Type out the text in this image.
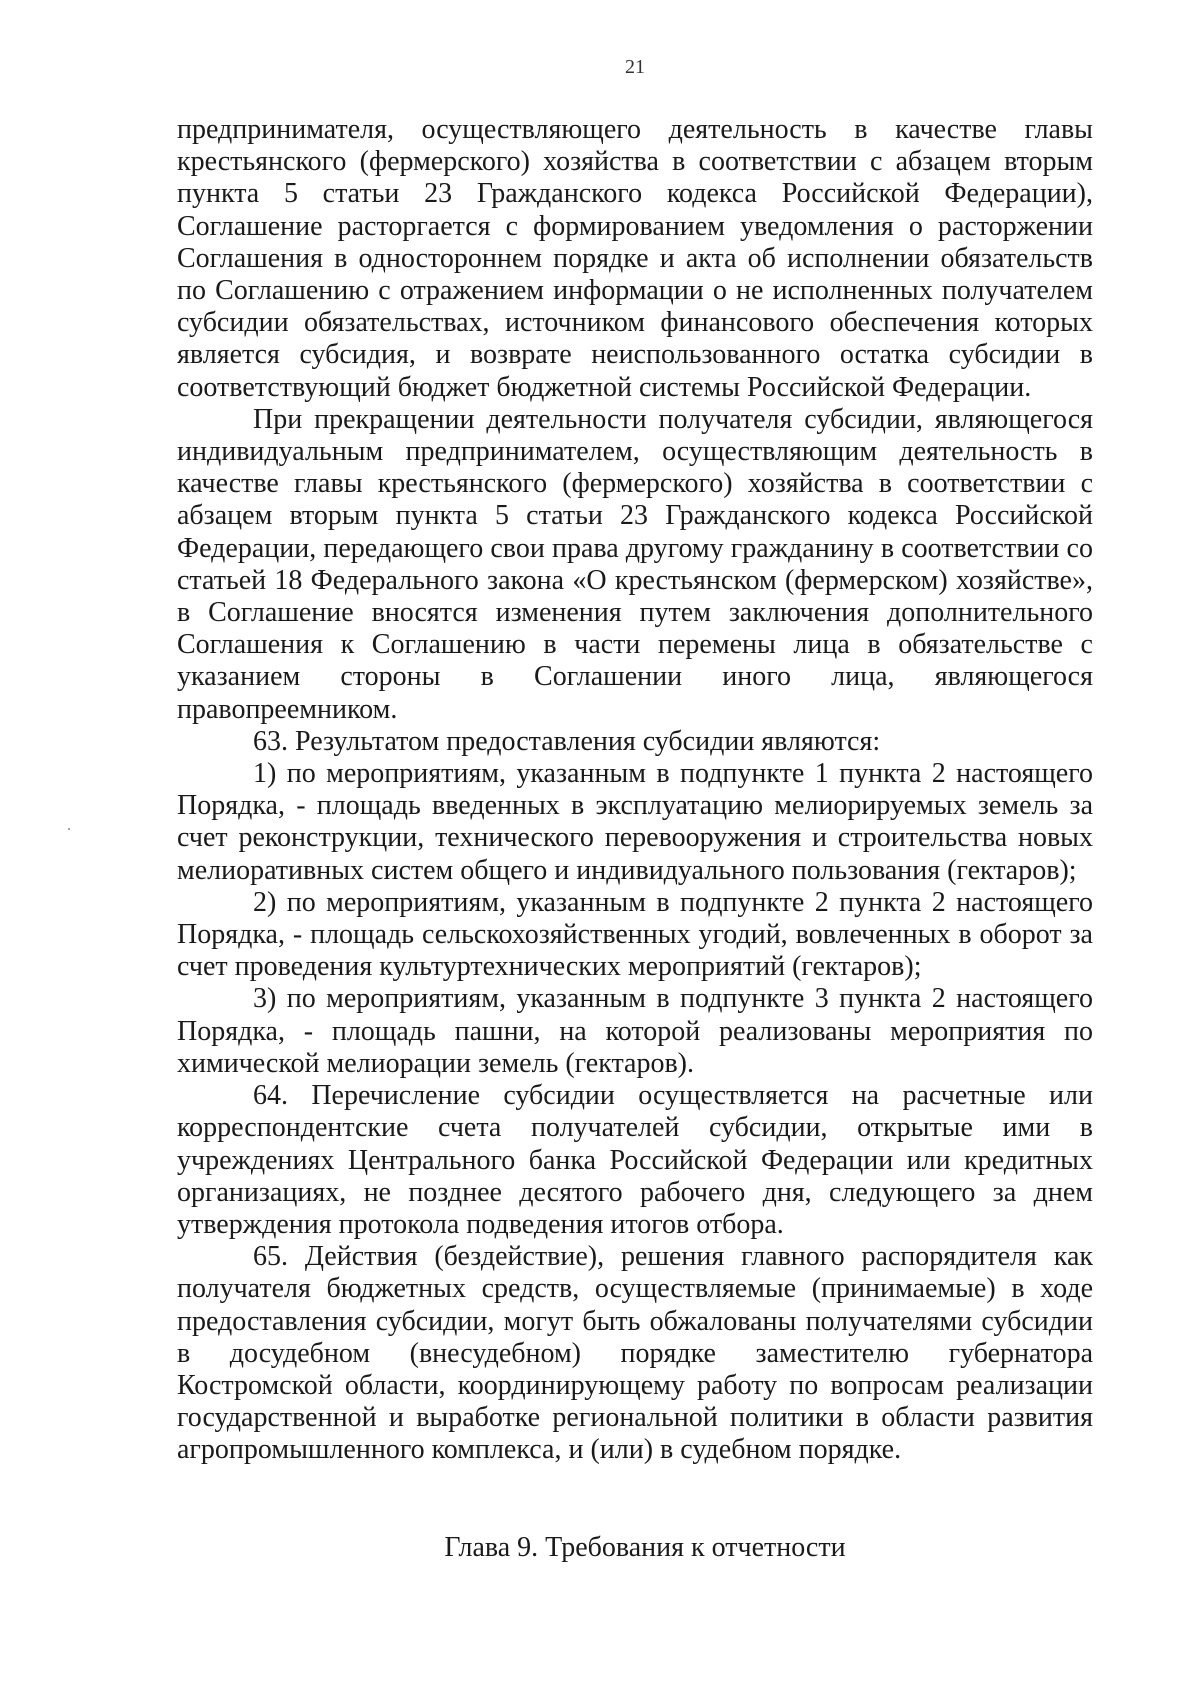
21

предпринимателя, осуществляющего деятельность в качестве главы крестьянского (фермерского) хозяйства в соответствии с абзацем вторым пункта 5 статьи 23 Гражданского кодекса Российской Федерации), Соглашение расторгается с формированием уведомления о расторжении Соглашения в одностороннем порядке и акта об исполнении обязательств по Соглашению с отражением информации о не исполненных получателем субсидии обязательствах, источником финансового обеспечения которых является субсидия, и возврате неиспользованного остатка субсидии в соответствующий бюджет бюджетной системы Российской Федерации.

При прекращении деятельности получателя субсидии, являющегося индивидуальным предпринимателем, осуществляющим деятельность в качестве главы крестьянского (фермерского) хозяйства в соответствии с абзацем вторым пункта 5 статьи 23 Гражданского кодекса Российской Федерации, передающего свои права другому гражданину в соответствии со статьей 18 Федерального закона «О крестьянском (фермерском) хозяйстве», в Соглашение вносятся изменения путем заключения дополнительного Соглашения к Соглашению в части перемены лица в обязательстве с указанием стороны в Соглашении иного лица, являющегося правопреемником.

63. Результатом предоставления субсидии являются:

1) по мероприятиям, указанным в подпункте 1 пункта 2 настоящего Порядка, - площадь введенных в эксплуатацию мелиорируемых земель за счет реконструкции, технического перевооружения и строительства новых мелиоративных систем общего и индивидуального пользования (гектаров);

2) по мероприятиям, указанным в подпункте 2 пункта 2 настоящего Порядка, - площадь сельскохозяйственных угодий, вовлеченных в оборот за счет проведения культуртехнических мероприятий (гектаров);

3) по мероприятиям, указанным в подпункте 3 пункта 2 настоящего Порядка, - площадь пашни, на которой реализованы мероприятия по химической мелиорации земель (гектаров).

64. Перечисление субсидии осуществляется на расчетные или корреспондентские счета получателей субсидии, открытые ими в учреждениях Центрального банка Российской Федерации или кредитных организациях, не позднее десятого рабочего дня, следующего за днем утверждения протокола подведения итогов отбора.

65. Действия (бездействие), решения главного распорядителя как получателя бюджетных средств, осуществляемые (принимаемые) в ходе предоставления субсидии, могут быть обжалованы получателями субсидии в досудебном (внесудебном) порядке заместителю губернатора Костромской области, координирующему работу по вопросам реализации государственной и выработке региональной политики в области развития агропромышленного комплекса, и (или) в судебном порядке.

Глава 9. Требования к отчетности
